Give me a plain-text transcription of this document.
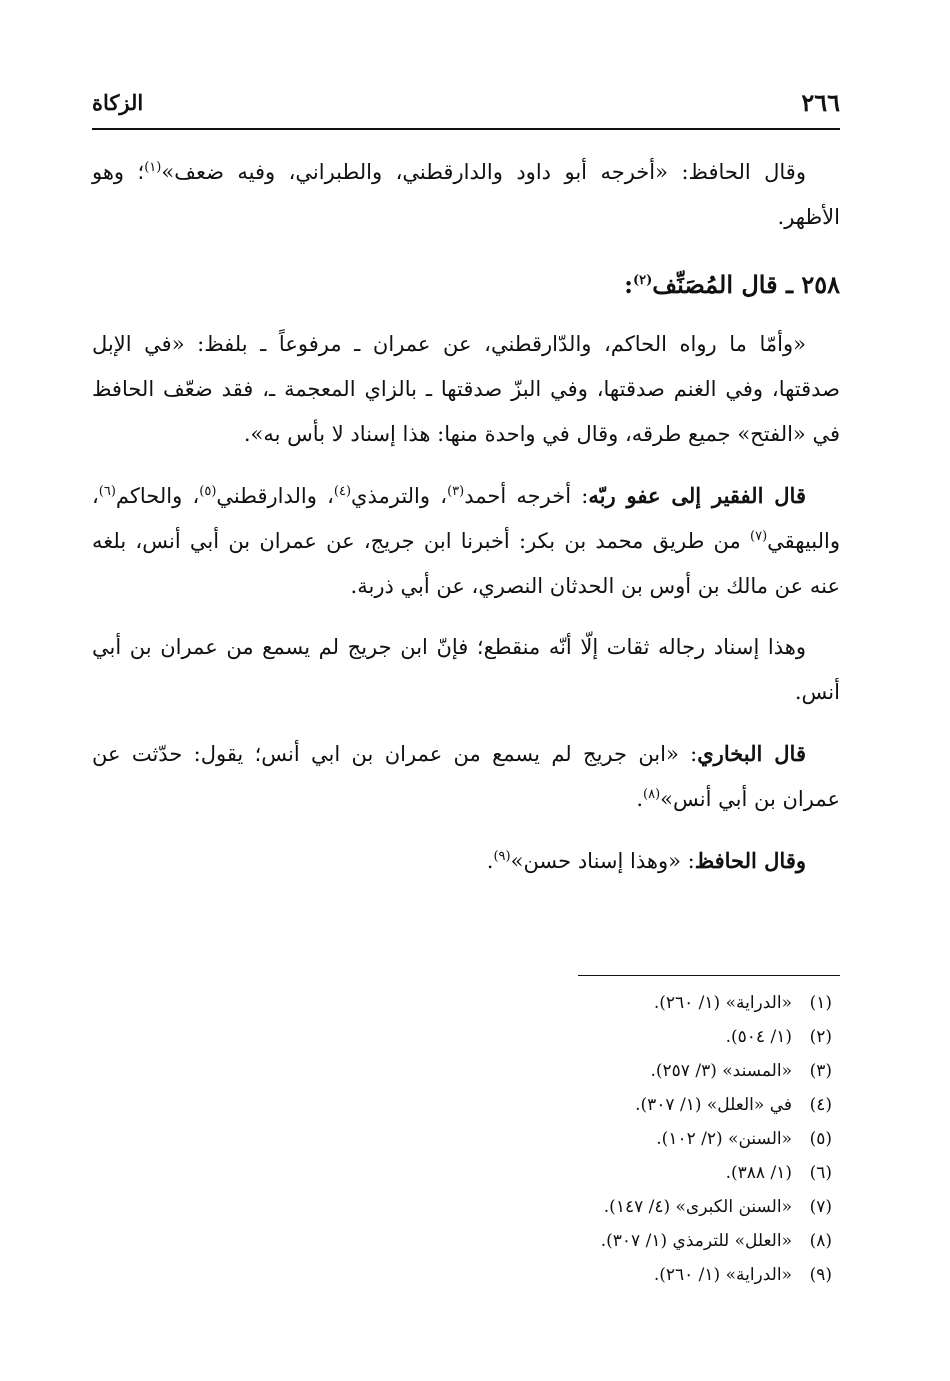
٢٦٦
الزكاة

وقال الحافظ: «أخرجه أبو داود والدارقطني، والطبراني، وفيه ضعف»$^{(١)}$؛ وهو الأظهر.

٢٥٨ ـ قال المُصَنِّف$^{(٢)}$:

«وأمّا ما رواه الحاكم، والدّارقطني، عن عمران ـ مرفوعاً ـ بلفظ: «في الإبل صدقتها، وفي الغنم صدقتها، وفي البزّ صدقتها ـ بالزاي المعجمة ـ، فقد ضعّف الحافظ في «الفتح» جميع طرقه، وقال في واحدة منها: هذا إسناد لا بأس به».

قال الفقير إلى عفو ربّه: أخرجه أحمد$^{(٣)}$، والترمذي$^{(٤)}$، والدارقطني$^{(٥)}$، والحاكم$^{(٦)}$، والبيهقي$^{(٧)}$ من طريق محمد بن بكر: أخبرنا ابن جريج، عن عمران بن أبي أنس، بلغه عنه عن مالك بن أوس بن الحدثان النصري، عن أبي ذربة.

وهذا إسناد رجاله ثقات إلّا أنّه منقطع؛ فإنّ ابن جريج لم يسمع من عمران بن أبي أنس.

قال البخاري: «ابن جريج لم يسمع من عمران بن ابي أنس؛ يقول: حدّثت عن عمران بن أبي أنس»$^{(٨)}$.

وقال الحافظ: «وهذا إسناد حسن»$^{(٩)}$.

(١)«الدراية» (١/ ٢٦٠).
(٢)(١/ ٥٠٤).
(٣)«المسند» (٣/ ٢٥٧).
(٤)في «العلل» (١/ ٣٠٧).
(٥)«السنن» (٢/ ١٠٢).
(٦)(١/ ٣٨٨).
(٧)«السنن الكبرى» (٤/ ١٤٧).
(٨)«العلل» للترمذي (١/ ٣٠٧).
(٩)«الدراية» (١/ ٢٦٠).
